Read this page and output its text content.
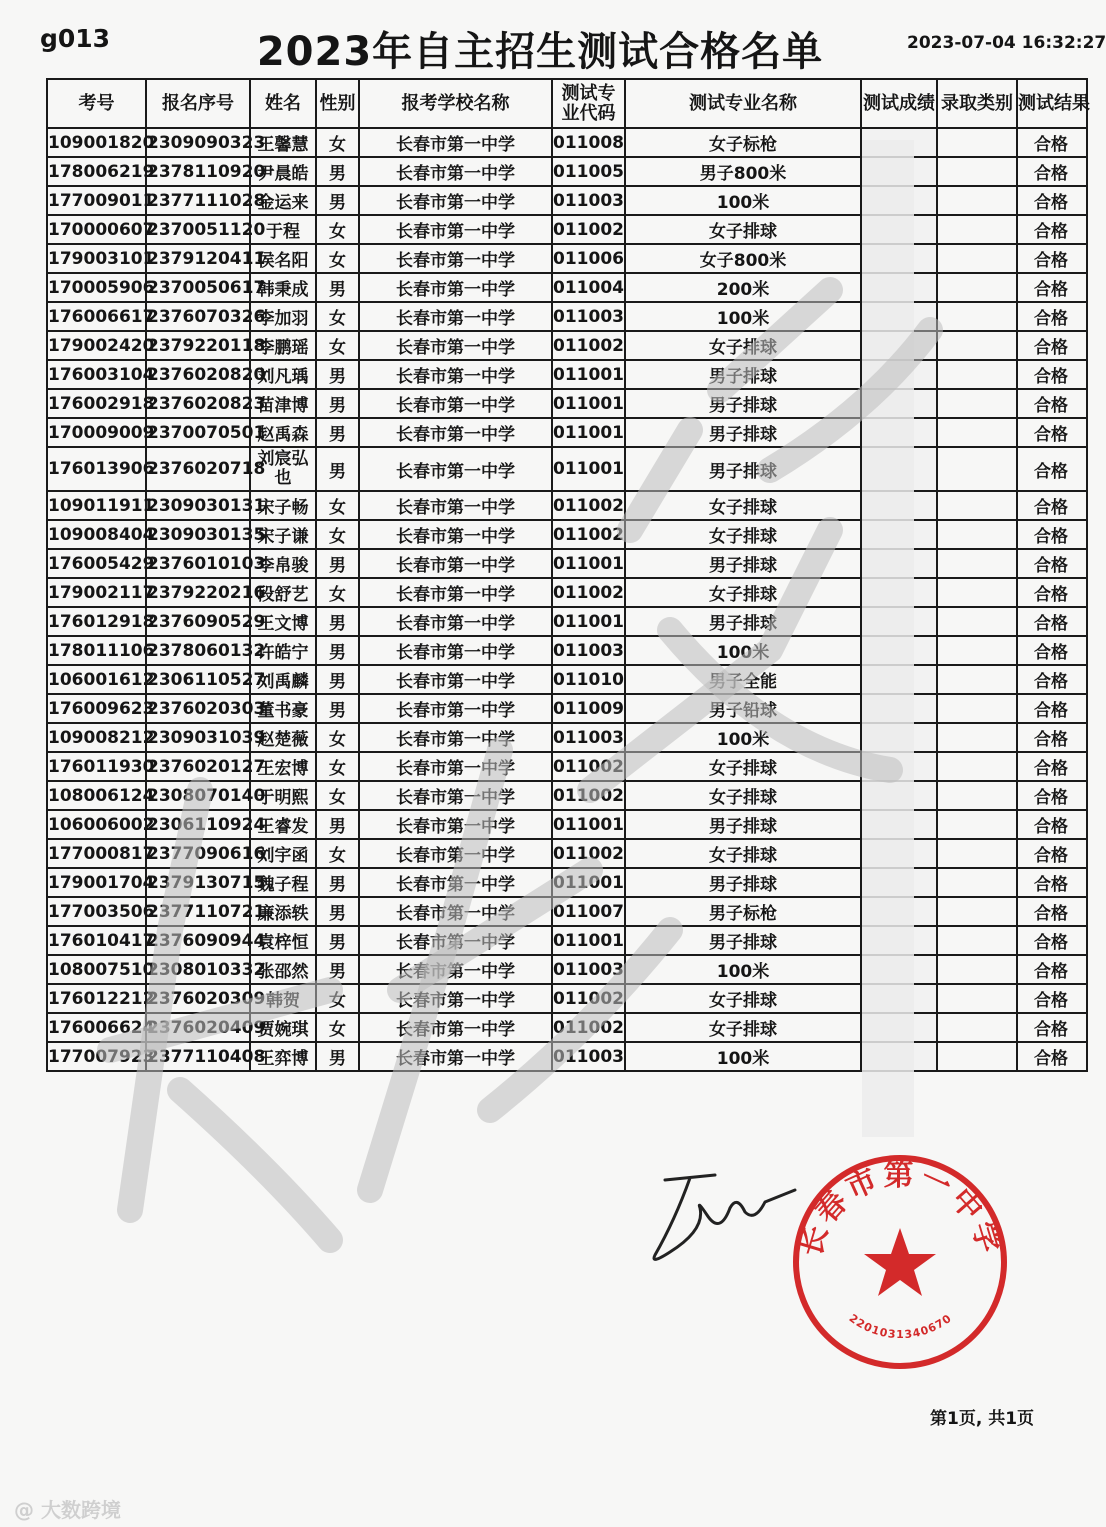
g013	2023年自主招生测试合格名单	2023-07-04 16:32:27
考号	报名序号	姓名	性别	报考学校名称	测试专业代码	测试专业名称	测试成绩	录取类别	测试结果
109001820	2309090323	王馨慧	女	长春市第一中学	011008	女子标枪			合格
178006219	2378110920	尹晨皓	男	长春市第一中学	011005	男子800米			合格
177009011	2377111028	金运来	男	长春市第一中学	011003	100米			合格
170000607	2370051120	于程	女	长春市第一中学	011002	女子排球			合格
179003101	2379120411	侯名阳	女	长春市第一中学	011006	女子800米			合格
170005906	2370050617	韩秉成	男	长春市第一中学	011004	200米			合格
176006617	2376070326	李加羽	女	长春市第一中学	011003	100米			合格
179002420	2379220118	李鹏瑶	女	长春市第一中学	011002	女子排球			合格
176003104	2376020820	刘凡瑀	男	长春市第一中学	011001	男子排球			合格
176002918	2376020823	苗津博	男	长春市第一中学	011001	男子排球			合格
170009009	2370070501	赵禹森	男	长春市第一中学	011001	男子排球			合格
176013906	2376020718	刘宸弘也	男	长春市第一中学	011001	男子排球			合格
109011911	2309030131	宋子畅	女	长春市第一中学	011002	女子排球			合格
109008404	2309030135	宋子谦	女	长春市第一中学	011002	女子排球			合格
176005429	2376010103	李帛骏	男	长春市第一中学	011001	男子排球			合格
179002117	2379220216	段舒艺	女	长春市第一中学	011002	女子排球			合格
176012918	2376090529	王文博	男	长春市第一中学	011001	男子排球			合格
178011106	2378060132	许皓宁	男	长春市第一中学	011003	100米			合格
106001612	2306110527	刘禹麟	男	长春市第一中学	011010	男子全能			合格
176009623	2376020303	董书豪	男	长春市第一中学	011009	男子铅球			合格
109008212	2309031039	赵楚薇	女	长春市第一中学	011003	100米			合格
176011930	2376020127	王宏博	女	长春市第一中学	011002	女子排球			合格
108006124	2308070140	于明熙	女	长春市第一中学	011002	女子排球			合格
106006002	2306110924	王睿发	男	长春市第一中学	011001	男子排球			合格
177000817	2377090616	刘宇函	女	长春市第一中学	011002	女子排球			合格
179001704	2379130715	魏子程	男	长春市第一中学	011001	男子排球			合格
177003506	2377110721	廉添轶	男	长春市第一中学	011007	男子标枪			合格
176010417	2376090944	袁梓恒	男	长春市第一中学	011001	男子排球			合格
108007510	2308010332	张邵然	男	长春市第一中学	011003	100米			合格
176012212	2376020309	韩贺	女	长春市第一中学	011002	女子排球			合格
176006624	2376020409	贾婉琪	女	长春市第一中学	011002	女子排球			合格
177007923	2377110408	王弈博	男	长春市第一中学	011003	100米			合格
长春市第一中学
2201031340670
第1页, 共1页
@ 大数跨境
